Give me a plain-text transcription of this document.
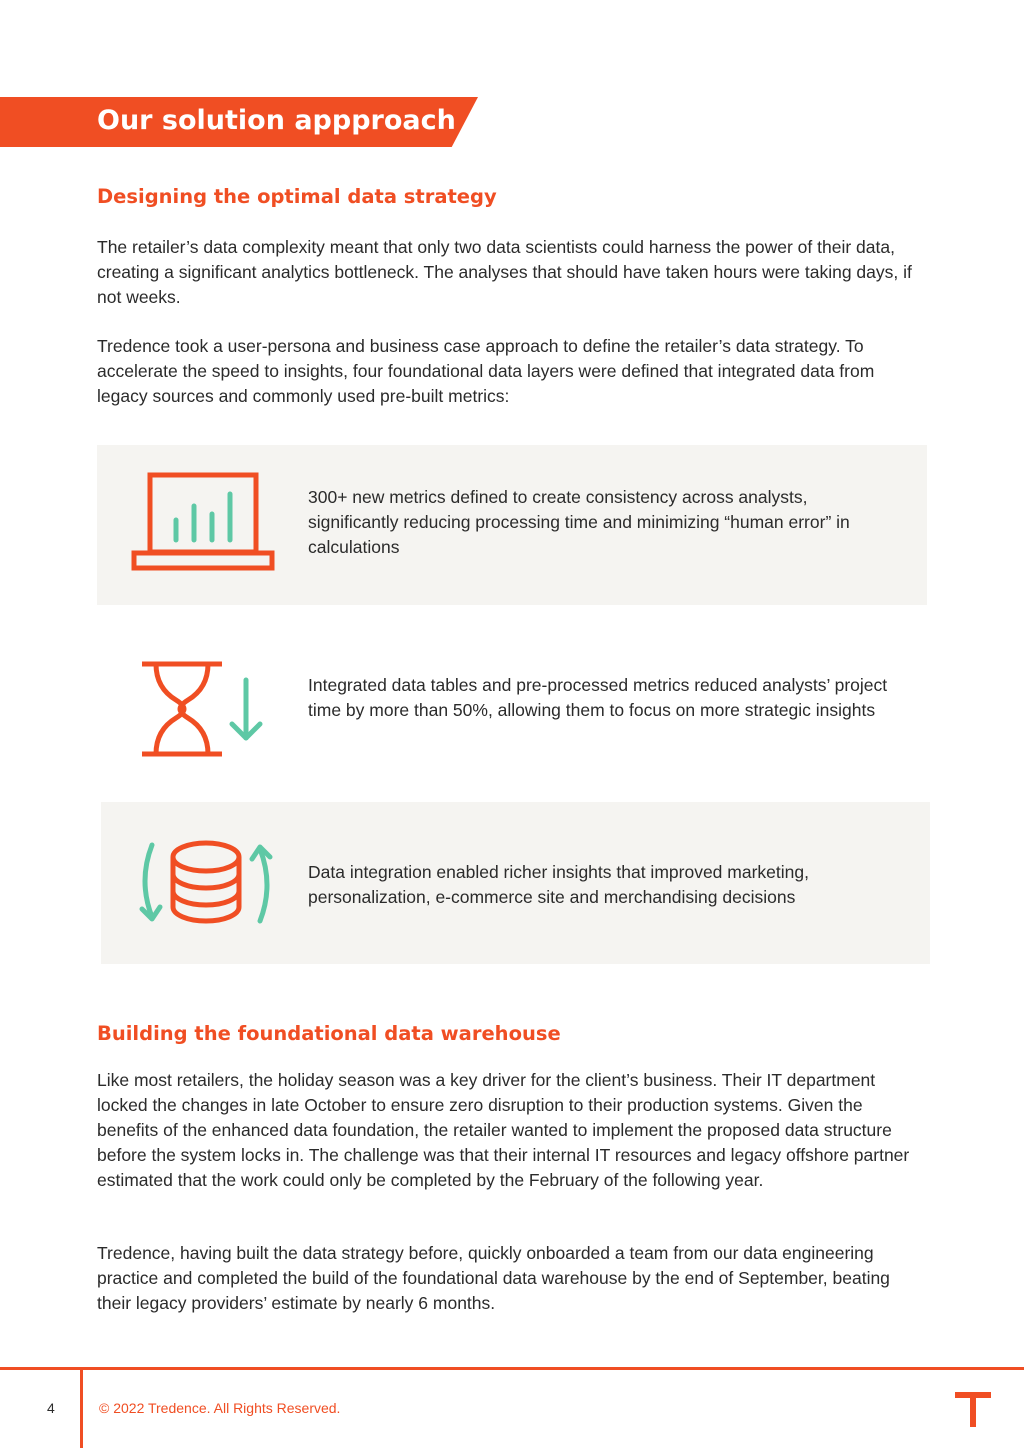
Our solution appproach
Designing the optimal data strategy

The retailer’s data complexity meant that only two data scientists could harness the power of their data, creating a significant analytics bottleneck. The analyses that should have taken hours were taking days, if not weeks.

Tredence took a user-persona and business case approach to define the retailer’s data strategy. To accelerate the speed to insights, four foundational data layers were defined that integrated data from legacy sources and commonly used pre-built metrics:

300+ new metrics defined to create consistency across analysts, significantly reducing processing time and minimizing “human error” in calculations

Integrated data tables and pre-processed metrics reduced analysts’ project time by more than 50%, allowing them to focus on more strategic insights

Data integration enabled richer insights that improved marketing, personalization, e-commerce site and merchandising decisions

Building the foundational data warehouse

Like most retailers, the holiday season was a key driver for the client’s business. Their IT department locked the changes in late October to ensure zero disruption to their production systems. Given the benefits of the enhanced data foundation, the retailer wanted to implement the proposed data structure before the system locks in. The challenge was that their internal IT resources and legacy offshore partner estimated that the work could only be completed by the February of the following year.

Tredence, having built the data strategy before, quickly onboarded a team from our data engineering practice and completed the build of the foundational data warehouse by the end of September, beating their legacy providers’ estimate by nearly 6 months.

4	© 2022 Tredence. All Rights Reserved.
